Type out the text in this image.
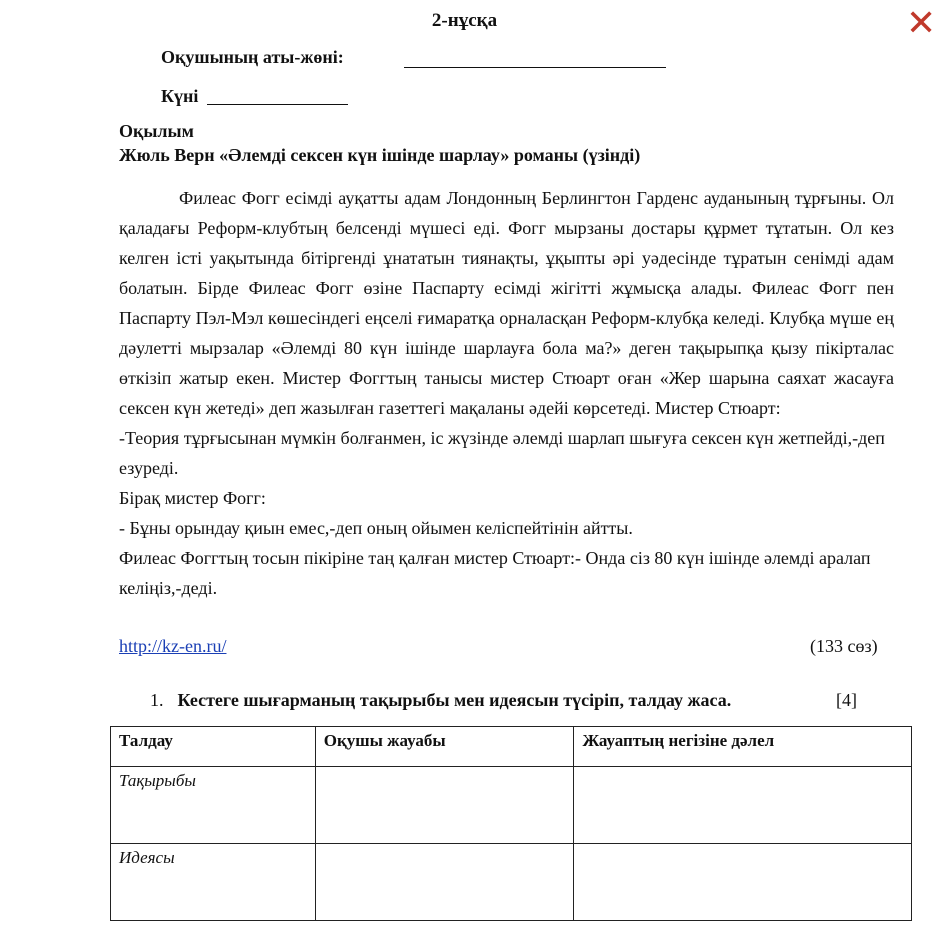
2-нұсқа	✕
Оқушының аты-жөні:
Күні
Оқылым
Жюль Верн «Әлемді сексен күн ішінде шарлау» романы (үзінді)

Филеас Фогг есімді ауқатты адам Лондонның Берлингтон Гарденс ауданының тұрғыны. Ол қаладағы Реформ-клубтың белсенді мүшесі еді. Фогг мырзаны достары құрмет тұтатын. Ол кез келген істі уақытында бітіргенді ұнататын тиянақты, ұқыпты әрі уәдесінде тұратын сенімді адам болатын. Бірде Филеас Фогг өзіне Паспарту есімді жігітті жұмысқа алады. Филеас Фогг пен Паспарту Пэл-Мэл көшесіндегі еңселі ғимаратқа орналасқан Реформ-клубқа келеді. Клубқа мүше ең дәулетті мырзалар «Әлемді 80 күн ішінде шарлауға бола ма?» деген тақырыпқа қызу пікірталас өткізіп жатыр екен. Мистер Фоггтың танысы мистер Стюарт оған «Жер шарына саяхат жасауға сексен күн жетеді» деп жазылған газеттегі мақаланы әдейі көрсетеді. Мистер Стюарт:

-Теория тұрғысынан мүмкін болғанмен, іс жүзінде әлемді шарлап шығуға сексен күн жетпейді,-деп езуреді.

Бірақ мистер Фогг:

- Бұны орындау қиын емес,-деп оның ойымен келіспейтінін айтты.

Филеас Фоггтың тосын пікіріне таң қалған мистер Стюарт:- Онда сіз 80 күн ішінде әлемді аралап келіңіз,-деді.

http://kz-en.ru/	(133 сөз)
1. Кестеге шығарманың тақырыбы мен идеясын түсіріп, талдау жаса.	[4]
Талдау	Оқушы жауабы	Жауаптың негізіне дәлел
Тақырыбы		
Идеясы		
